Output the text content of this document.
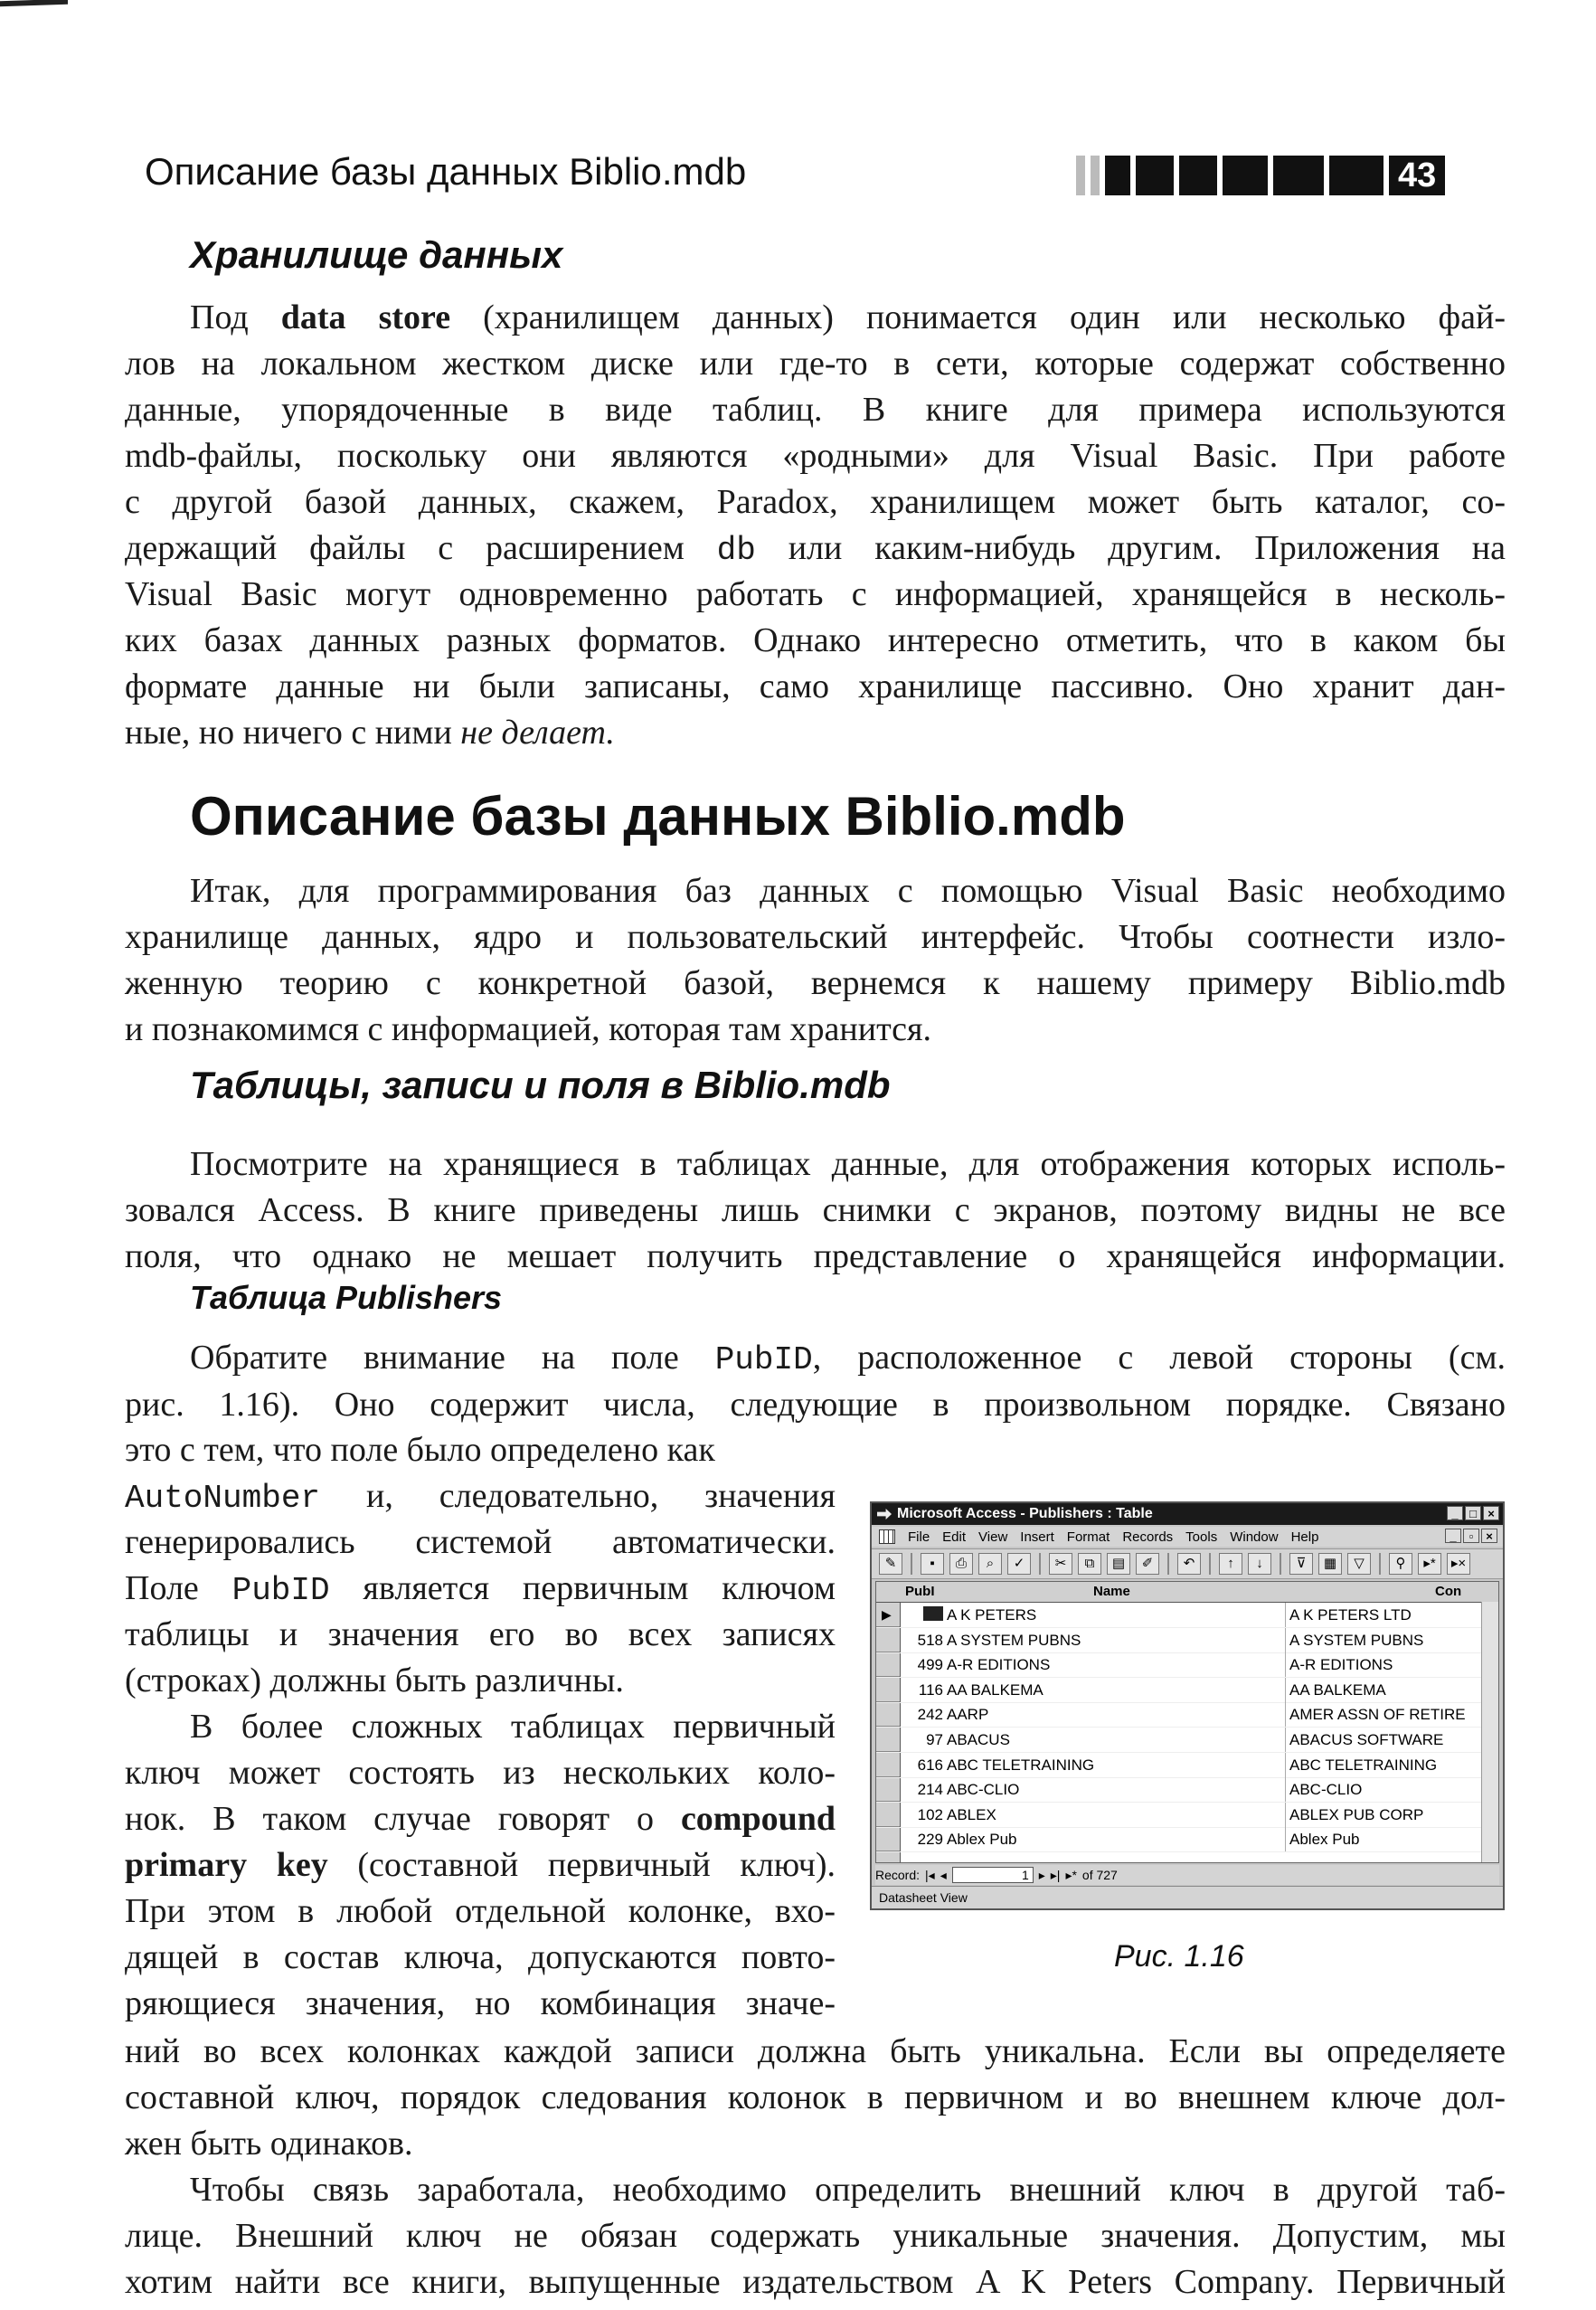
Описание базы данных Biblio.mdb	43
Хранилище данных
Под data store (хранилищем данных) понимается один или несколько фай-
лов на локальном жестком диске или где-то в сети, которые содержат собственно
данные, упорядоченные в виде таблиц. В книге для примера используются
mdb-файлы, поскольку они являются «родными» для Visual Basic. При работе
с другой базой данных, скажем, Paradox, хранилищем может быть каталог, со-
держащий файлы с расширением db или каким-нибудь другим. Приложения на
Visual Basic могут одновременно работать с информацией, хранящейся в несколь-
ких базах данных разных форматов. Однако интересно отметить, что в каком бы
формате данные ни были записаны, само хранилище пассивно. Оно хранит дан-
ные, но ничего с ними не делает.
Описание базы данных Biblio.mdb
Итак, для программирования баз данных с помощью Visual Basic необходимо
хранилище данных, ядро и пользовательский интерфейс. Чтобы соотнести изло-
женную теорию с конкретной базой, вернемся к нашему примеру Biblio.mdb
и познакомимся с информацией, которая там хранится.
Таблицы, записи и поля в Biblio.mdb
Посмотрите на хранящиеся в таблицах данные, для отображения которых исполь-
зовался Access. В книге приведены лишь снимки с экранов, поэтому видны не все
поля, что однако не мешает получить представление о хранящейся информации.
Таблица Publishers
Обратите внимание на поле PubID, расположенное с левой стороны (см.
рис. 1.16). Оно содержит числа, следующие в произвольном порядке. Связано
это с тем, что поле было определено как
AutoNumber и, следовательно, значения
генерировались системой автоматически.
Поле PubID является первичным ключом
таблицы и значения его во всех записях
(строках) должны быть различны.
В более сложных таблицах первичный
ключ может состоять из нескольких коло-
нок. В таком случае говорят о compound
primary key (составной первичный ключ).
При этом в любой отдельной колонке, вхо-
дящей в состав ключа, допускаются повто-
ряющиеся значения, но комбинация значе-
ний во всех колонках каждой записи должна быть уникальна. Если вы определяете
составной ключ, порядок следования колонок в первичном и во внешнем ключе дол-
жен быть одинаков.
Чтобы связь заработала, необходимо определить внешний ключ в другой таб-
лице. Внешний ключ не обязан содержать уникальные значения. Допустим, мы
хотим найти все книги, выпущенные издательством A K Peters Company. Первичный
Microsoft Access - Publishers : Table	_ □ ×
File Edit View Insert Format Records Tools Window Help	_	▫	×
✎	▪	⎙	⌕	✓	✂	⧉	▤	✐	↶	↑	↓	⊽	▦	▽	⚲	▸*	▸×
PubI	Name	Con
▶	A K PETERS	A K PETERS LTD
518 A SYSTEM PUBNS	A SYSTEM PUBNS
499 A-R EDITIONS	A-R EDITIONS
116 AA BALKEMA	AA BALKEMA
242 AARP	AMER ASSN OF RETIRE
97 ABACUS	ABACUS SOFTWARE
616 ABC TELETRAINING	ABC TELETRAINING
214 ABC-CLIO	ABC-CLIO
102 ABLEX	ABLEX PUB CORP
229 Ablex Pub	Ablex Pub
Record: |◂ ◂	1 ▸ ▸| ▸* of 727
Datasheet View
Рис. 1.16
